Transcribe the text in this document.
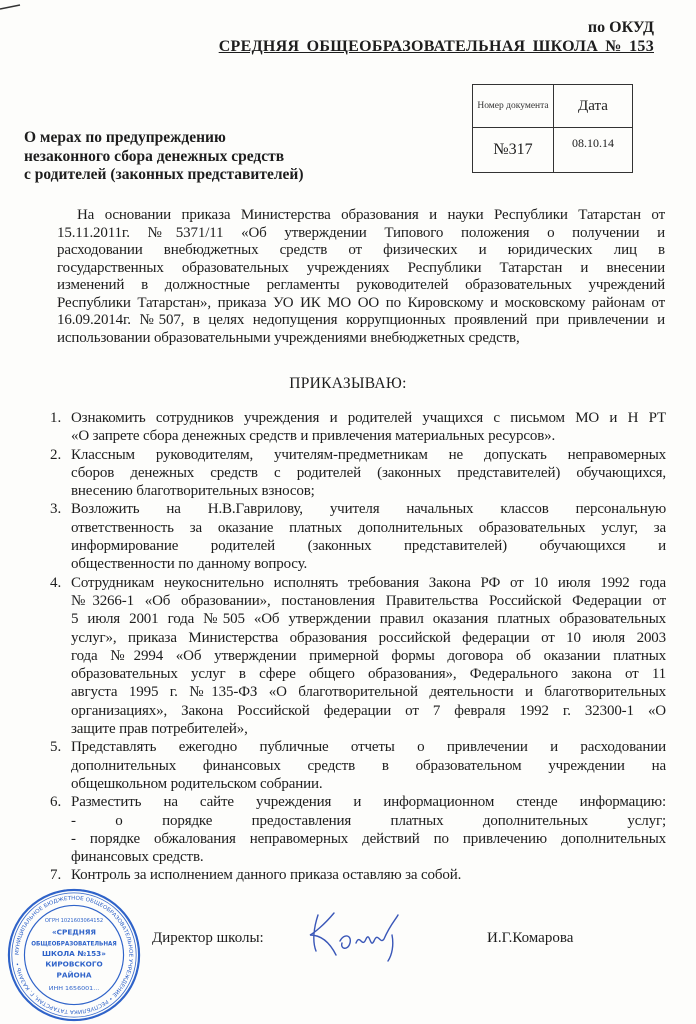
по ОКУД
СРЕДНЯЯ ОБЩЕОБРАЗОВАТЕЛЬНАЯ ШКОЛА № 153
Номер документа	Дата
№317	08.10.14
О мерах по предупреждению
незаконного сбора денежных средств
с родителей (законных представителей)
На основании приказа Министерства образования и науки Республики Татарстан от
15.11.2011г. №5371/11 «Об утверждении Типового положения о получении и
расходовании внебюджетных средств от физических и юридических лиц в
государственных образовательных учреждениях Республики Татарстан и внесении
изменений в должностные регламенты руководителей образовательных учреждений
Республики Татарстан», приказа УО ИК МО ОО по Кировскому и московскому районам от
16.09.2014г. №507, в целях недопущения коррупционных проявлений при привлечении и
использовании образовательными учреждениями внебюджетных средств,
ПРИКАЗЫВАЮ:
1. Ознакомить сотрудников учреждения и родителей учащихся с письмом МО и Н РТ
«О запрете сбора денежных средств и привлечения материальных ресурсов».
2. Классным руководителям, учителям-предметникам не допускать неправомерных
сборов денежных средств с родителей (законных представителей) обучающихся,
внесению благотворительных взносов;
3. Возложить на Н.В.Гаврилову, учителя начальных классов персональную
ответственность за оказание платных дополнительных образовательных услуг, за
информирование родителей (законных представителей) обучающихся и
общественности по данному вопросу.
4. Сотрудникам неукоснительно исполнять требования Закона РФ от 10 июля 1992 года
№3266-1 «Об образовании», постановления Правительства Российской Федерации от
5 июля 2001 года №505 «Об утверждении правил оказания платных образовательных
услуг», приказа Министерства образования российской федерации от 10 июля 2003
года №2994 «Об утверждении примерной формы договора об оказании платных
образовательных услуг в сфере общего образования», Федерального закона от 11
августа 1995 г. №135-ФЗ «О благотворительной деятельности и благотворительных
организациях», Закона Российской федерации от 7 февраля 1992 г. 32300-1 «О
защите прав потребителей»,
5. Представлять ежегодно публичные отчеты о привлечении и расходовании
дополнительных финансовых средств в образовательном учреждении на
общешкольном родительском собрании.
6. Разместить на сайте учреждения и информационном стенде информацию:
- о порядке предоставления платных дополнительных услуг;
- порядке обжалования неправомерных действий по привлечению дополнительных
финансовых средств.
7. Контроль за исполнением данного приказа оставляю за собой.
МУНИЦИПАЛЬНОЕ БЮДЖЕТНОЕ ОБЩЕОБРАЗОВАТЕЛЬНОЕ УЧРЕЖДЕНИЕ • РЕСПУБЛИКА ТАТАРСТАН, Г. КАЗАНЬ •
ОГРН 1021603064152
«СРЕДНЯЯ
ОБЩЕОБРАЗОВАТЕЛЬНАЯ
ШКОЛА №153»
КИРОВСКОГО
РАЙОНА
ИНН 1656001...
Директор школы:	И.Г.Комарова
